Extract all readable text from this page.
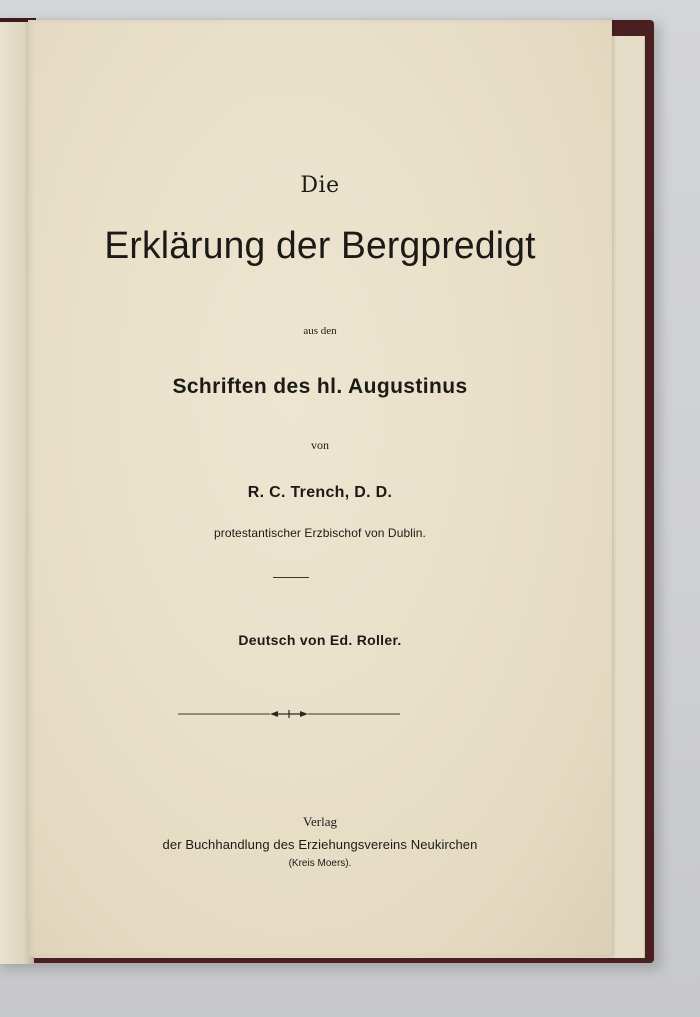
Die
Erklärung der Bergpredigt
aus den
Schriften des hl. Augustinus
von
R. C. Trench, D. D.
protestantischer Erzbischof von Dublin.
Deutsch von Ed. Roller.
Verlag
der Buchhandlung des Erziehungsvereins Neukirchen
(Kreis Moers).
